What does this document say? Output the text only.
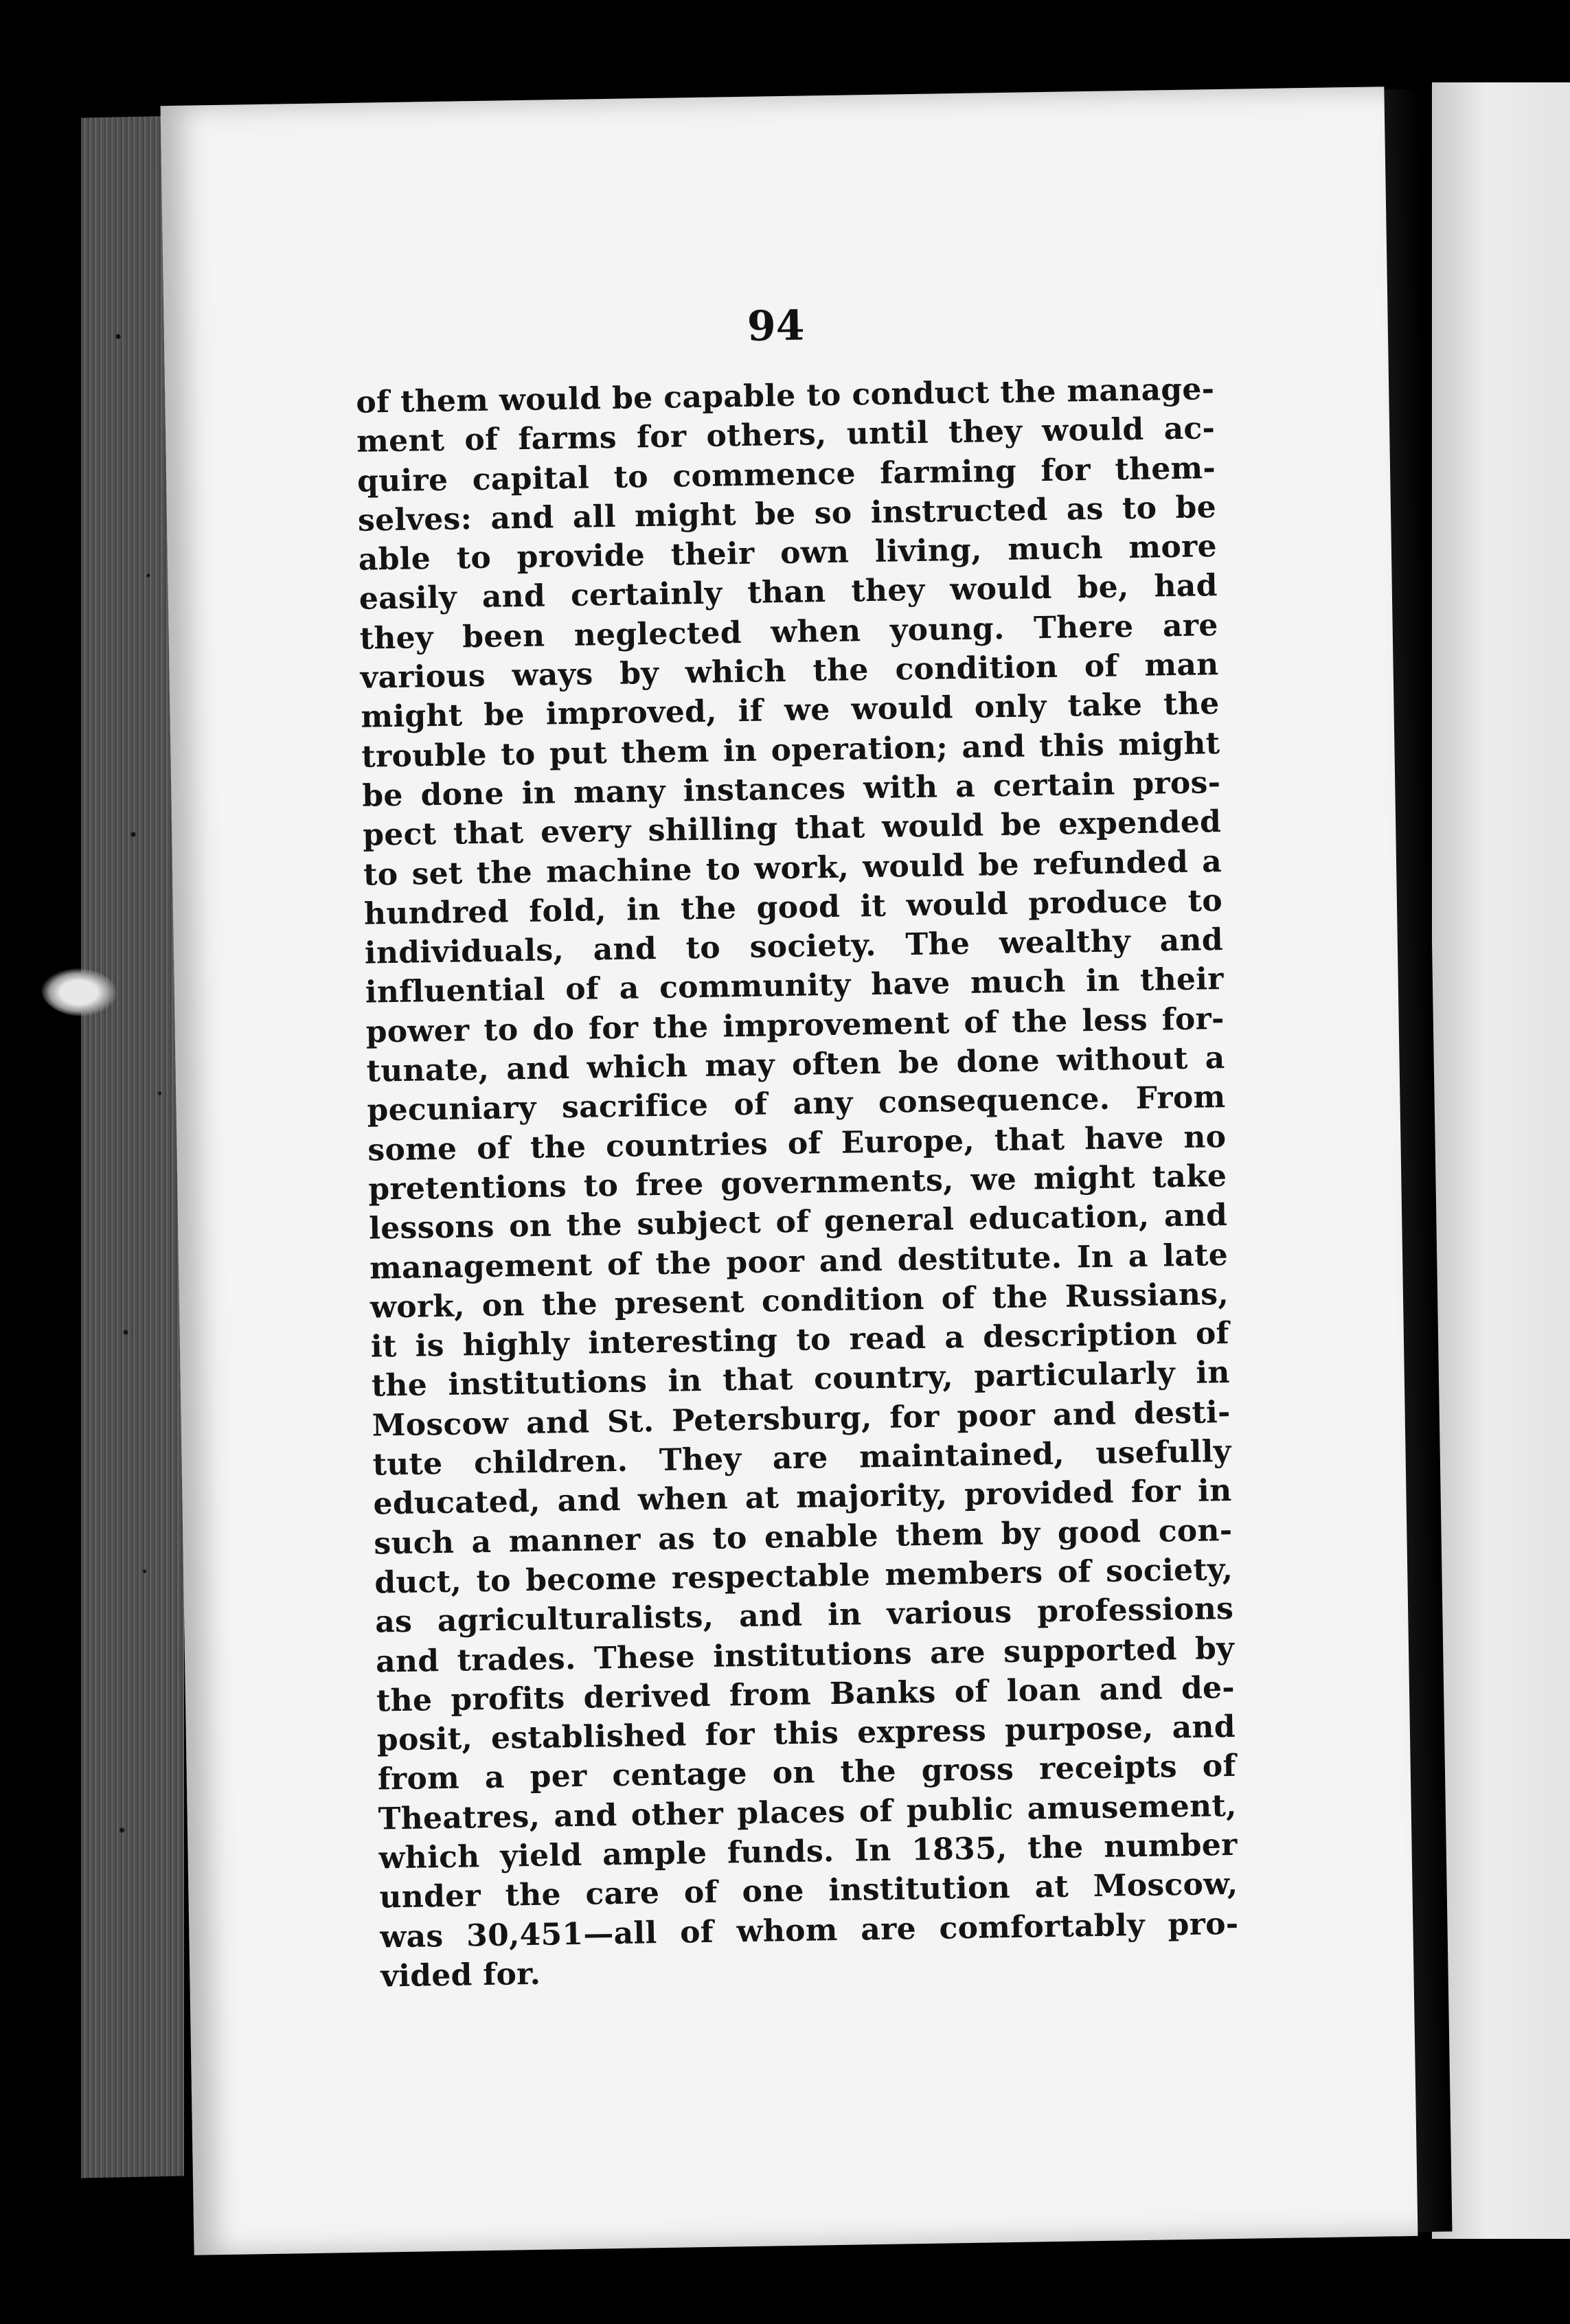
94

of them would be capable to conduct the manage-
ment of farms for others, until they would ac-
quire capital to commence farming for them-
selves: and all might be so instructed as to be
able to provide their own living, much more
easily and certainly than they would be, had
they been neglected when young. There are
various ways by which the condition of man
might be improved, if we would only take the
trouble to put them in operation; and this might
be done in many instances with a certain pros-
pect that every shilling that would be expended
to set the machine to work, would be refunded a
hundred fold, in the good it would produce to
individuals, and to society. The wealthy and
influential of a community have much in their
power to do for the improvement of the less for-
tunate, and which may often be done without a
pecuniary sacrifice of any consequence. From
some of the countries of Europe, that have no
pretentions to free governments, we might take
lessons on the subject of general education, and
management of the poor and destitute. In a late
work, on the present condition of the Russians,
it is highly interesting to read a description of
the institutions in that country, particularly in
Moscow and St. Petersburg, for poor and desti-
tute children. They are maintained, usefully
educated, and when at majority, provided for in
such a manner as to enable them by good con-
duct, to become respectable members of society,
as agriculturalists, and in various professions
and trades. These institutions are supported by
the profits derived from Banks of loan and de-
posit, established for this express purpose, and
from a per centage on the gross receipts of
Theatres, and other places of public amusement,
which yield ample funds. In 1835, the number
under the care of one institution at Moscow,
was 30,451—all of whom are comfortably pro-
vided for.
